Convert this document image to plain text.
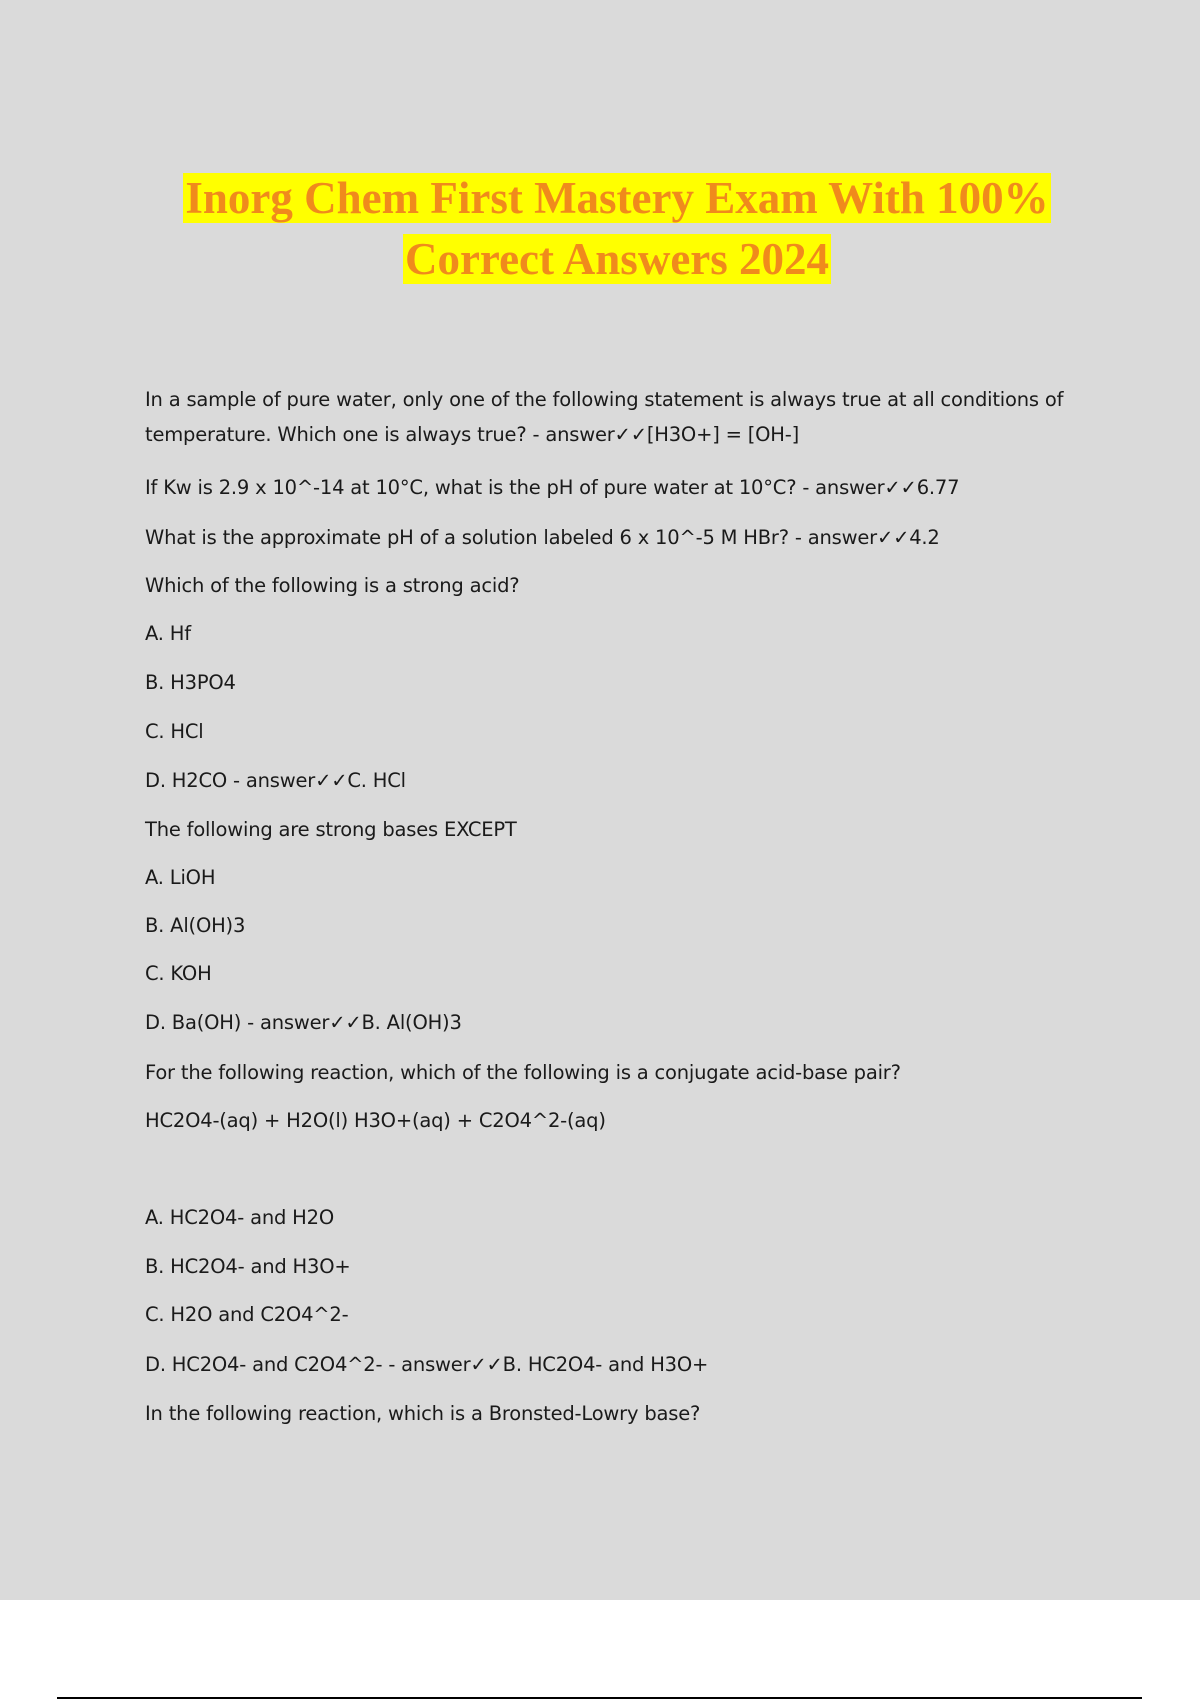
Inorg Chem First Mastery Exam With 100%
Correct Answers 2024
In a sample of pure water, only one of the following statement is always true at all conditions of
temperature. Which one is always true? - answer✓✓[H3O+] = [OH-]
If Kw is 2.9 x 10^-14 at 10°C, what is the pH of pure water at 10°C? - answer✓✓6.77
What is the approximate pH of a solution labeled 6 x 10^-5 M HBr? - answer✓✓4.2
Which of the following is a strong acid?
A. Hf
B. H3PO4
C. HCl
D. H2CO - answer✓✓C. HCl
The following are strong bases EXCEPT
A. LiOH
B. Al(OH)3
C. KOH
D. Ba(OH) - answer✓✓B. Al(OH)3
For the following reaction, which of the following is a conjugate acid-base pair?
HC2O4-(aq) + H2O(l) H3O+(aq) + C2O4^2-(aq)
A. HC2O4- and H2O
B. HC2O4- and H3O+
C. H2O and C2O4^2-
D. HC2O4- and C2O4^2- - answer✓✓B. HC2O4- and H3O+
In the following reaction, which is a Bronsted-Lowry base?
